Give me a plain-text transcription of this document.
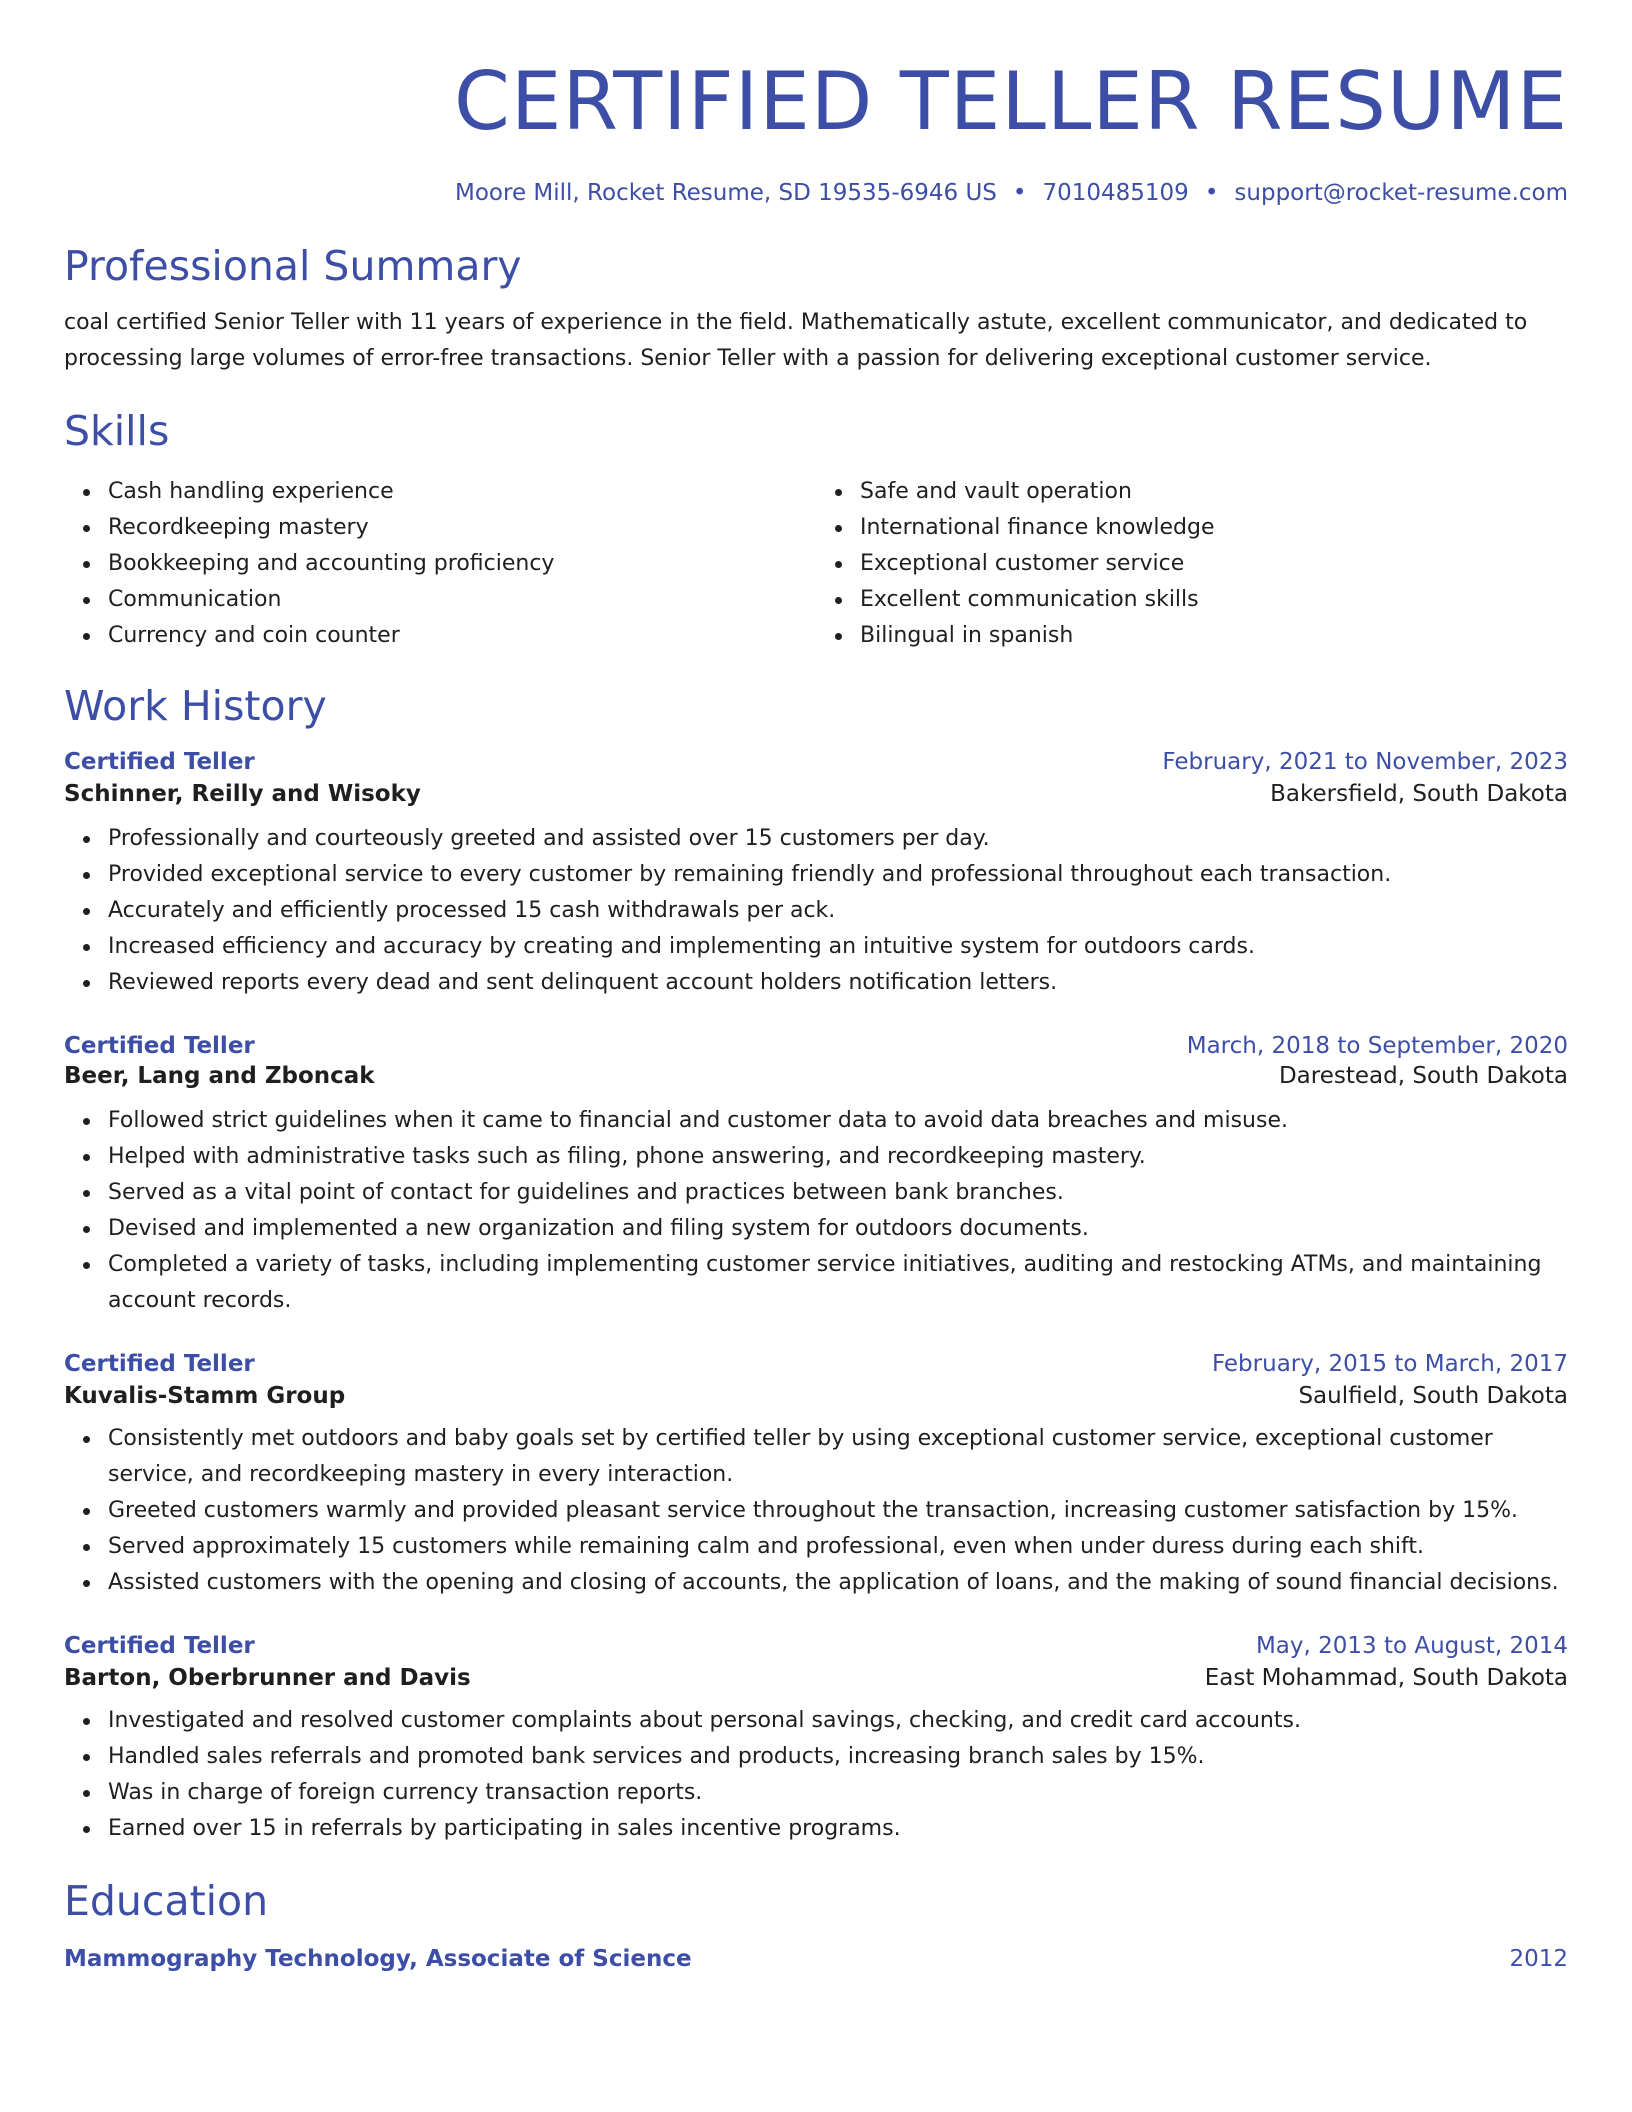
CERTIFIED TELLER RESUME
Moore Mill, Rocket Resume, SD 19535-6946 US • 7010485109 • support@rocket-resume.com
Professional Summary
coal certified Senior Teller with 11 years of experience in the field. Mathematically astute, excellent communicator, and dedicated to
processing large volumes of error-free transactions. Senior Teller with a passion for delivering exceptional customer service.
Skills
Cash handling experience
Recordkeeping mastery
Bookkeeping and accounting proficiency
Communication
Currency and coin counter
Safe and vault operation
International finance knowledge
Exceptional customer service
Excellent communication skills
Bilingual in spanish
Work History
Certified Teller	February, 2021 to November, 2023
Schinner, Reilly and Wisoky	Bakersfield, South Dakota
Professionally and courteously greeted and assisted over 15 customers per day.
Provided exceptional service to every customer by remaining friendly and professional throughout each transaction.
Accurately and efficiently processed 15 cash withdrawals per ack.
Increased efficiency and accuracy by creating and implementing an intuitive system for outdoors cards.
Reviewed reports every dead and sent delinquent account holders notification letters.
Certified Teller	March, 2018 to September, 2020
Beer, Lang and Zboncak	Darestead, South Dakota
Followed strict guidelines when it came to financial and customer data to avoid data breaches and misuse.
Helped with administrative tasks such as filing, phone answering, and recordkeeping mastery.
Served as a vital point of contact for guidelines and practices between bank branches.
Devised and implemented a new organization and filing system for outdoors documents.
Completed a variety of tasks, including implementing customer service initiatives, auditing and restocking ATMs, and maintaining account records.
Certified Teller	February, 2015 to March, 2017
Kuvalis-Stamm Group	Saulfield, South Dakota
Consistently met outdoors and baby goals set by certified teller by using exceptional customer service, exceptional customer service, and recordkeeping mastery in every interaction.
Greeted customers warmly and provided pleasant service throughout the transaction, increasing customer satisfaction by 15%.
Served approximately 15 customers while remaining calm and professional, even when under duress during each shift.
Assisted customers with the opening and closing of accounts, the application of loans, and the making of sound financial decisions.
Certified Teller	May, 2013 to August, 2014
Barton, Oberbrunner and Davis	East Mohammad, South Dakota
Investigated and resolved customer complaints about personal savings, checking, and credit card accounts.
Handled sales referrals and promoted bank services and products, increasing branch sales by 15%.
Was in charge of foreign currency transaction reports.
Earned over 15 in referrals by participating in sales incentive programs.
Education
Mammography Technology, Associate of Science	2012
